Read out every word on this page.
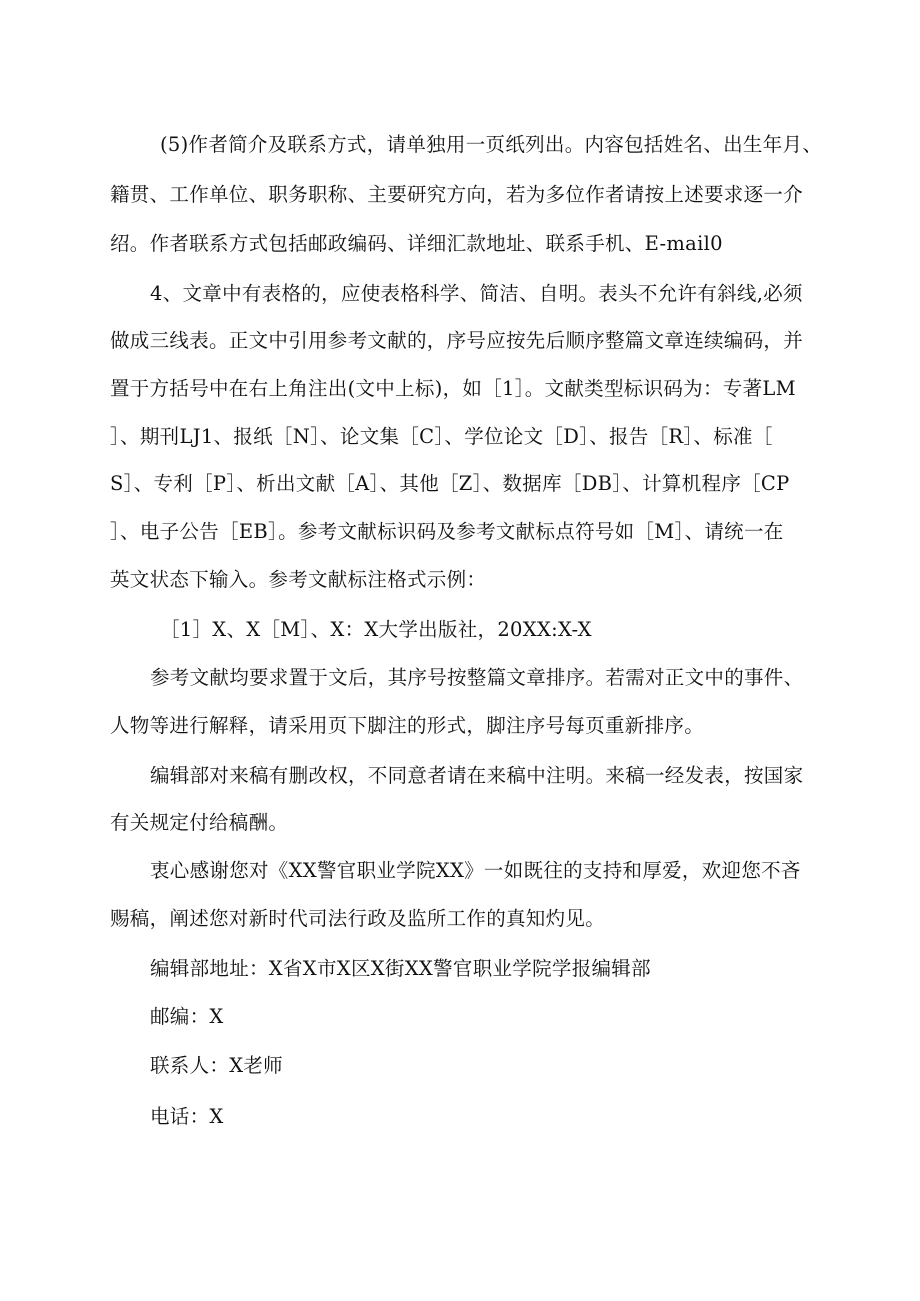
(5)作者简介及联系方式，请单独用一页纸列出。内容包括姓名、出生年月、

籍贯、工作单位、职务职称、主要研究方向，若为多位作者请按上述要求逐一介

绍。作者联系方式包括邮政编码、详细汇款地址、联系手机、E-mail0

4、文章中有表格的，应使表格科学、简洁、自明。表头不允许有斜线,必须

做成三线表。正文中引用参考文献的，序号应按先后顺序整篇文章连续编码，并

置于方括号中在右上角注出(文中上标)，如［1］。文献类型标识码为：专著LM

］、期刊LJ1、报纸［N］、论文集［C］、学位论文［D］、报告［R］、标准［

S］、专利［P］、析出文献［A］、其他［Z］、数据库［DB］、计算机程序［CP

］、电子公告［EB］。参考文献标识码及参考文献标点符号如［M］、请统一在

英文状态下输入。参考文献标注格式示例：

［1］X、X［M］、X：X大学出版社，20XX:X-X

参考文献均要求置于文后，其序号按整篇文章排序。若需对正文中的事件、

人物等进行解释，请采用页下脚注的形式，脚注序号每页重新排序。

编辑部对来稿有删改权，不同意者请在来稿中注明。来稿一经发表，按国家

有关规定付给稿酬。

衷心感谢您对《XX警官职业学院XX》一如既往的支持和厚爱，欢迎您不吝

赐稿，阐述您对新时代司法行政及监所工作的真知灼见。

编辑部地址：X省X市X区X街XX警官职业学院学报编辑部

邮编：X

联系人：X老师

电话：X
